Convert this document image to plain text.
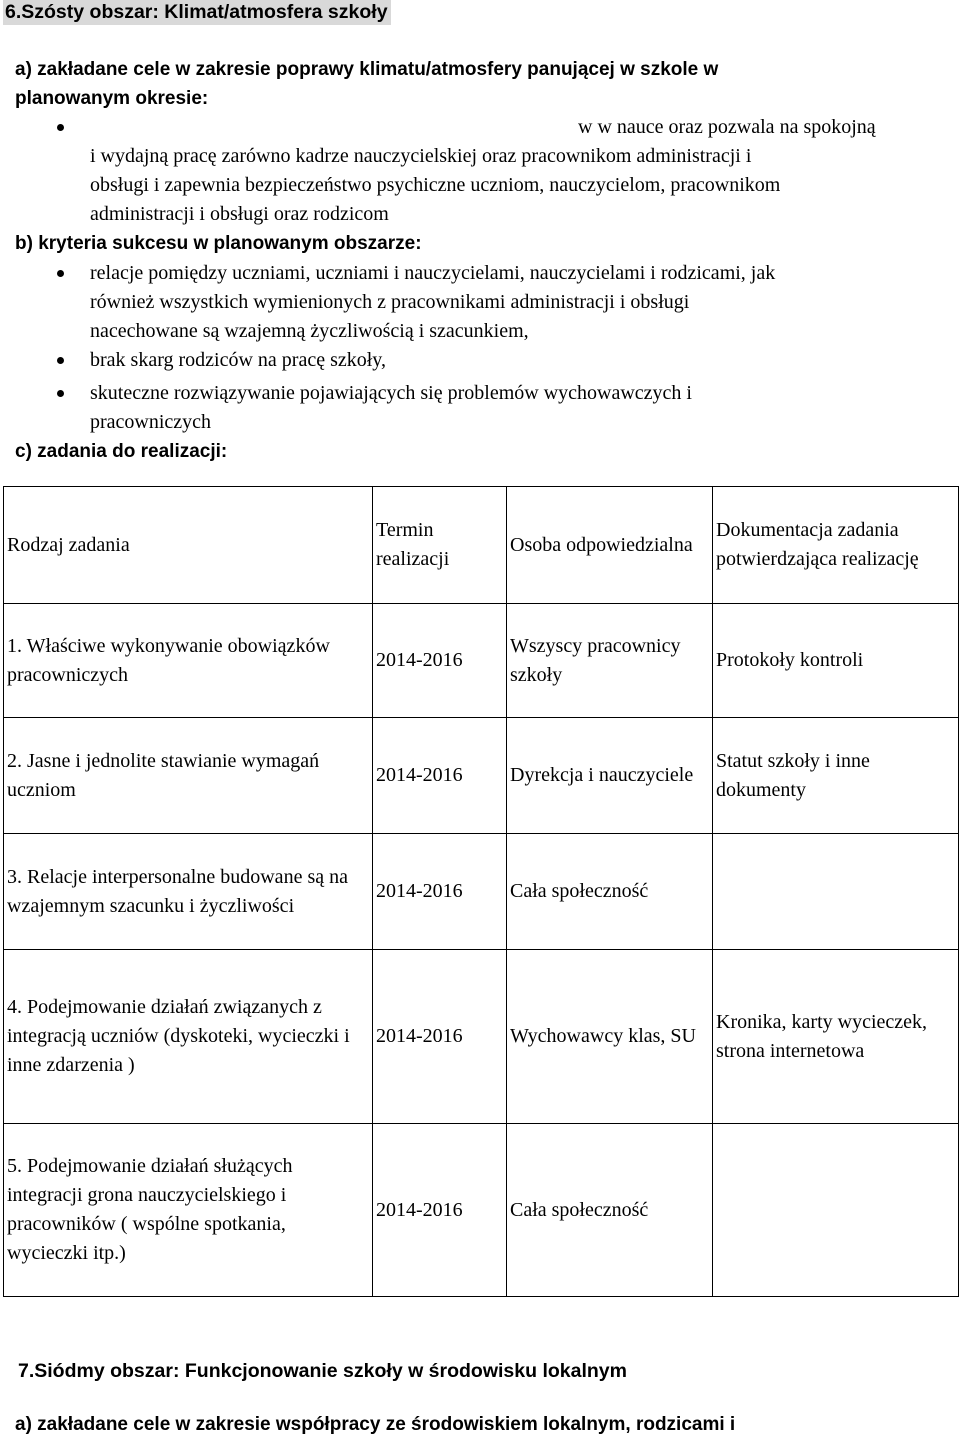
6.Szósty obszar: Klimat/atmosfera szkoły
a) zakładane cele w zakresie poprawy klimatu/atmosfery panującej w szkole w
planowanym okresie:
w w nauce oraz pozwala na spokojną
i wydajną pracę zarówno kadrze nauczycielskiej oraz pracownikom administracji i
obsługi i zapewnia bezpieczeństwo psychiczne uczniom, nauczycielom, pracownikom
administracji i obsługi oraz rodzicom
b) kryteria sukcesu w planowanym obszarze:
relacje pomiędzy uczniami, uczniami i nauczycielami, nauczycielami i rodzicami, jak
również wszystkich wymienionych z pracownikami administracji i obsługi
nacechowane są wzajemną życzliwością i szacunkiem,
brak skarg rodziców na pracę szkoły,
skuteczne rozwiązywanie pojawiających się problemów wychowawczych i
pracowniczych
c) zadania do realizacji:
Rodzaj zadania	Termin realizacji	Osoba odpowiedzialna	Dokumentacja zadania potwierdzająca realizację
1. Właściwe wykonywanie obowiązków pracowniczych	2014-2016	Wszyscy pracownicy szkoły	Protokoły kontroli
2. Jasne i jednolite stawianie wymagań uczniom	2014-2016	Dyrekcja i nauczyciele	Statut szkoły i inne dokumenty
3. Relacje interpersonalne budowane są na wzajemnym szacunku i życzliwości	2014-2016	Cała społeczność	
4. Podejmowanie działań związanych z integracją uczniów (dyskoteki, wycieczki i inne zdarzenia )	2014-2016	Wychowawcy klas, SU	Kronika, karty wycieczek, strona internetowa
5. Podejmowanie działań służących integracji grona nauczycielskiego i pracowników ( wspólne spotkania, wycieczki itp.)	2014-2016	Cała społeczność	
7.Siódmy obszar: Funkcjonowanie szkoły w środowisku lokalnym
a) zakładane cele w zakresie współpracy ze środowiskiem lokalnym, rodzicami i
